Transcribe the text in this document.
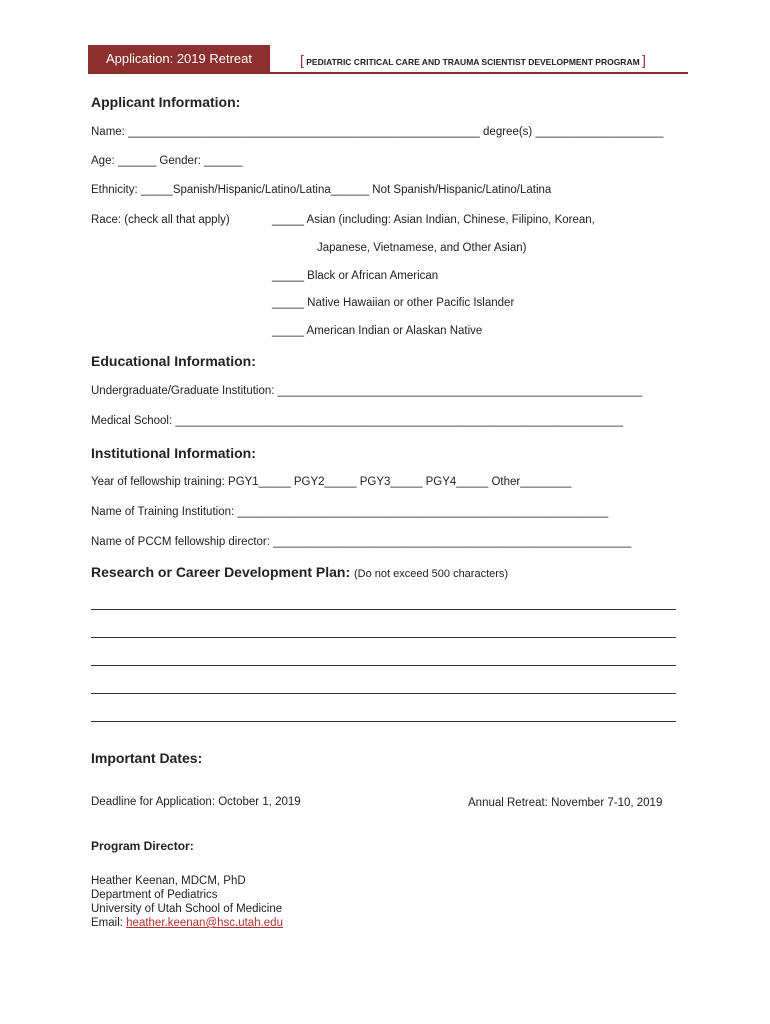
Application: 2019 Retreat	[ PEDIATRIC CRITICAL CARE AND TRAUMA SCIENTIST DEVELOPMENT PROGRAM ]
Applicant Information:
Name: _______________________________________________________ degree(s) ____________________
Age: ______ Gender: ______
Ethnicity: _____Spanish/Hispanic/Latino/Latina______ Not Spanish/Hispanic/Latino/Latina
Race: (check all that apply)	_____ Asian (including: Asian Indian, Chinese, Filipino, Korean,
Japanese, Vietnamese, and Other Asian)
_____ Black or African American
_____ Native Hawaiian or other Pacific Islander
_____ American Indian or Alaskan Native
Educational Information:
Undergraduate/Graduate Institution: _________________________________________________________
Medical School: ______________________________________________________________________
Institutional Information:
Year of fellowship training: PGY1_____ PGY2_____ PGY3_____ PGY4_____ Other________
Name of Training Institution: __________________________________________________________
Name of PCCM fellowship director: ________________________________________________________
Research or Career Development Plan: (Do not exceed 500 characters)
Important Dates:
Deadline for Application: October 1, 2019	Annual Retreat: November 7-10, 2019
Program Director:
Heather Keenan, MDCM, PhD
Department of Pediatrics
University of Utah School of Medicine
Email: heather.keenan@hsc.utah.edu
